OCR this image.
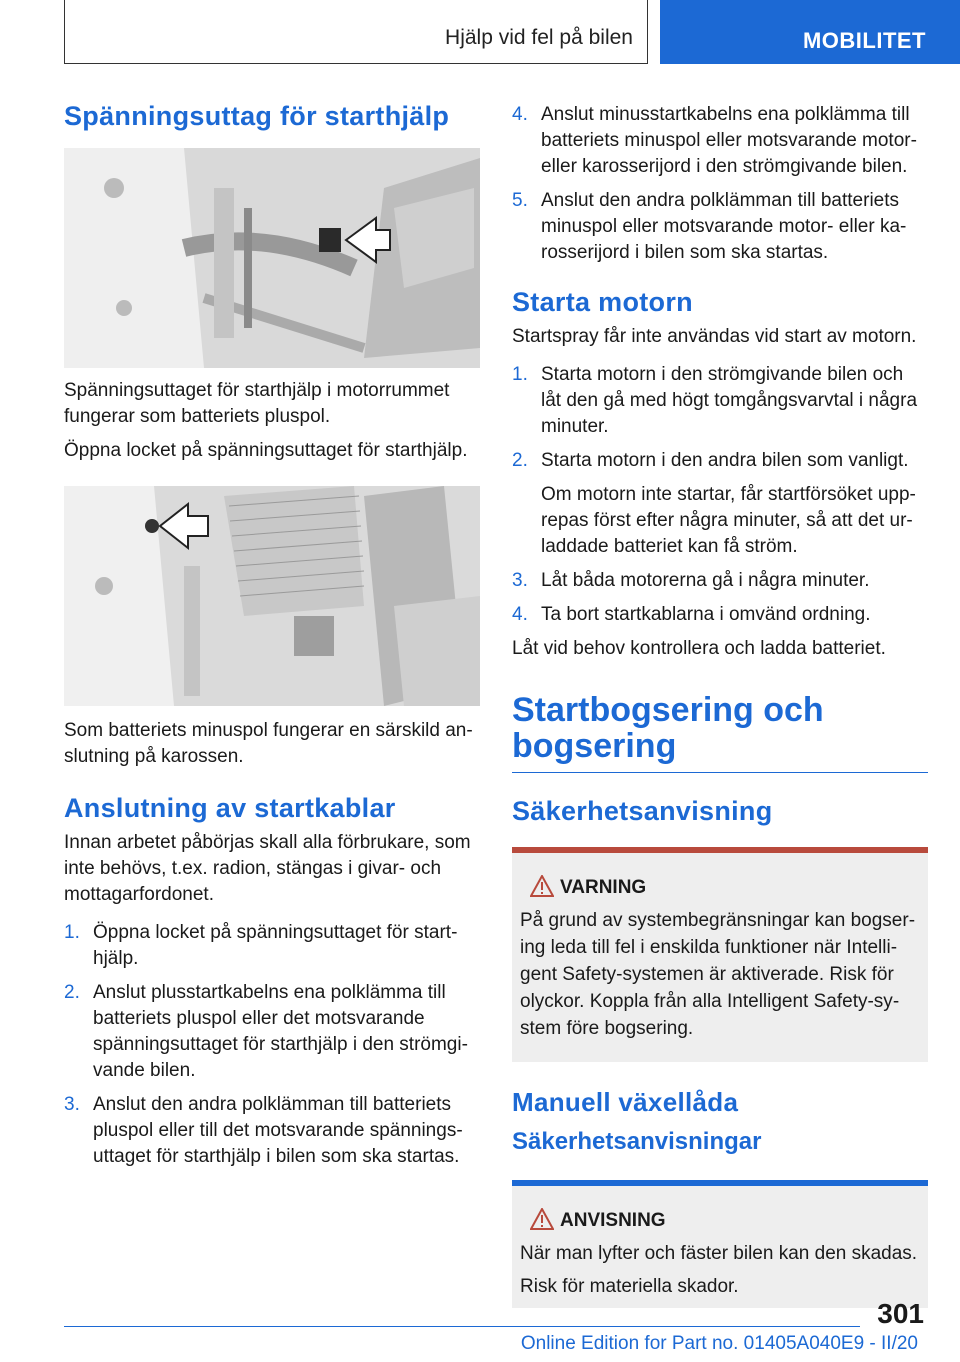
Hjälp vid fel på bilen	MOBILITET
Spänningsuttag för starthjälp

Spänningsuttaget för starthjälp i motorrummet fungerar som batteriets pluspol.

Öppna locket på spänningsuttaget för starthjälp.

Som batteriets minuspol fungerar en särskild anslutning på karossen.

Anslutning av startkablar

Innan arbetet påbörjas skall alla förbrukare, som inte behövs, t.ex. radion, stängas i givar- och mottagarfordonet.

1. Öppna locket på spänningsuttaget för starthjälp.
2. Anslut plusstartkabelns ena polklämma till batteriets pluspol eller det motsvarande spänningsuttaget för starthjälp i den strömgivande bilen.
3. Anslut den andra polklämman till batteriets pluspol eller till det motsvarande spänningsuttaget för starthjälp i bilen som ska startas.
4. Anslut minusstartkabelns ena polklämma till batteriets minuspol eller motsvarande motor- eller karosserijord i den strömgivande bilen.
5. Anslut den andra polklämman till batteriets minuspol eller motsvarande motor- eller karosserijord i bilen som ska startas.
Starta motorn

Startspray får inte användas vid start av motorn.

1. Starta motorn i den strömgivande bilen och låt den gå med högt tomgångsvarvtal i några minuter.
2. Starta motorn i den andra bilen som vanligt.
Om motorn inte startar, får startförsöket upprepas först efter några minuter, så att det urladdade batteriet kan få ström.
3. Låt båda motorerna gå i några minuter.
4. Ta bort startkablarna i omvänd ordning.

Låt vid behov kontrollera och ladda batteriet.

Startbogsering och bogsering
Säkerhetsanvisning
VARNING

På grund av systembegränsningar kan bogsering leda till fel i enskilda funktioner när Intelligent Safety-systemen är aktiverade. Risk för olyckor. Koppla från alla Intelligent Safety-system före bogsering.

Manuell växellåda
Säkerhetsanvisningar
ANVISNING

När man lyfter och fäster bilen kan den skadas.

Risk för materiella skador.

301
Online Edition for Part no. 01405A040E9 - II/20
